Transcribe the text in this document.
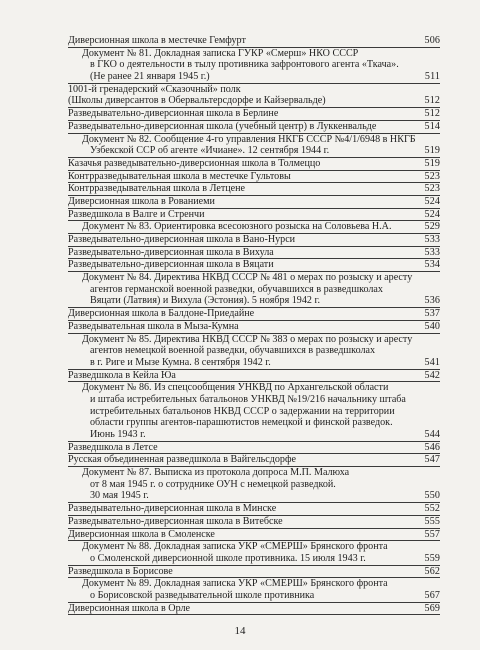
Диверсионная школа в местечке Гемфурт	506
Документ № 81. Докладная записка ГУКР «Смерш» НКО СССР
в ГКО о деятельности в тылу противника зафронтового агента «Ткача».
(Не ранее 21 января 1945 г.)	511
1001-й гренадерский «Сказочный» полк
(Школы диверсантов в Обервальтерсдорфе и Кайзервальде)	512
Разведывательно-диверсионная школа в Берлине	512
Разведывательно-диверсионная школа (учебный центр) в Луккенвальде	514
Документ № 82. Сообщение 4-го управления НКГБ СССР №4/1/6948 в НКГБ
Узбекской ССР об агенте «Ичиане». 12 сентября 1944 г.	519
Казачья разведывательно-диверсионная школа в Толмеццо	519
Контрразведывательная школа в местечке Гультовы	523
Контрразведывательная школа в Летцене	523
Диверсионная школа в Рованиеми	524
Разведшкола в Валге и Стренчи	524
Документ № 83. Ориентировка всесоюзного розыска на Соловьева Н.А.	529
Разведывательно-диверсионная школа в Вано-Нурси	533
Разведывательно-диверсионная школа в Вихула	533
Разведывательно-диверсионная школа в Вяцати	534
Документ № 84. Директива НКВД СССР № 481 о мерах по розыску и аресту
агентов германской военной разведки, обучавшихся в разведшколах
Вяцати (Латвия) и Вихула (Эстония). 5 ноября 1942 г.	536
Диверсионная школа в Балдоне-Приедайне	537
Разведывательная школа в Мыза-Кумна	540
Документ № 85. Директива НКВД СССР № 383 о мерах по розыску и аресту
агентов немецкой военной разведки, обучавшихся в разведшколах
в г. Риге и Мызе Кумна. 8 сентября 1942 г.	541
Разведшкола в Кейла Юа	542
Документ № 86. Из спецсообщения УНКВД по Архангельской области
и штаба истребительных батальонов УНКВД №19/216 начальнику штаба
истребительных батальонов НКВД СССР о задержании на территории
области группы агентов-парашютистов немецкой и финской разведок.
Июнь 1943 г.	544
Разведшкола в Летсе	546
Русская объединенная разведшкола в Вайгельсдорфе	547
Документ № 87. Выписка из протокола допроса М.П. Малюха
от 8 мая 1945 г. о сотруднике ОУН с немецкой разведкой.
30 мая 1945 г.	550
Разведывательно-диверсионная школа в Минске	552
Разведывательно-диверсионная школа в Витебске	555
Диверсионная школа в Смоленске	557
Документ № 88. Докладная записка УКР «СМЕРШ» Брянского фронта
о Смоленской диверсионной школе противника. 15 июля 1943 г.	559
Разведшкола в Борисове	562
Документ № 89. Докладная записка УКР «СМЕРШ» Брянского фронта
о Борисовской разведывательной школе противника	567
Диверсионная школа в Орле	569
14
